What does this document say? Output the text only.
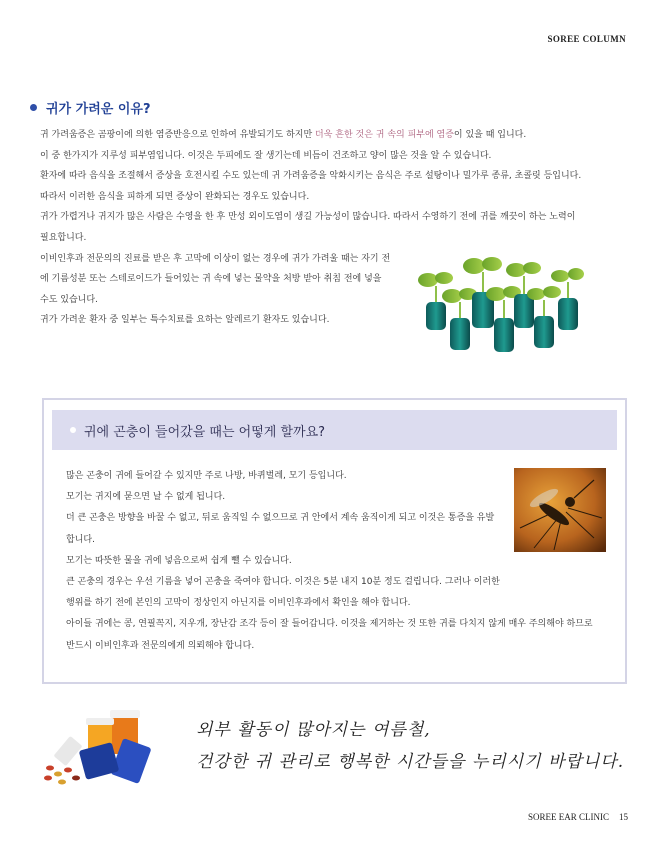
SOREE COLUMN
귀가 가려운 이유?

귀 가려움증은 곰팡이에 의한 염증반응으로 인하여 유발되기도 하지만 더욱 흔한 것은 귀 속의 피부에 염증이 있을 때 입니다.

이 중 한가지가 지루성 피부염입니다. 이것은 두피에도 잘 생기는데 비듬이 건조하고 양이 많은 것을 알 수 있습니다.

환자에 따라 음식을 조절해서 증상을 호전시킬 수도 있는데 귀 가려움증을 악화시키는 음식은 주로 설탕이나 밀가루 종류, 초콜릿 등입니다.

따라서 이러한 음식을 피하게 되면 증상이 완화되는 경우도 있습니다.

귀가 가렵거나 귀지가 많은 사람은 수영을 한 후 만성 외이도염이 생길 가능성이 많습니다. 따라서 수영하기 전에 귀를 깨끗이 하는 노력이

필요합니다.

이비인후과 전문의의 진료를 받은 후 고막에 이상이 없는 경우에 귀가 가려울 때는 자기 전

에 기름성분 또는 스테로이드가 들어있는 귀 속에 넣는 물약을 처방 받아 취침 전에 넣을

수도 있습니다.

귀가 가려운 환자 중 일부는 특수치료를 요하는 알레르기 환자도 있습니다.

귀에 곤충이 들어갔을 때는 어떻게 할까요?

많은 곤충이 귀에 들어갈 수 있지만 주로 나방, 바퀴벌레, 모기 등입니다.

모기는 귀지에 묻으면 날 수 없게 됩니다.

더 큰 곤충은 방향을 바꿀 수 없고, 뒤로 움직일 수 없으므로 귀 안에서 계속 움직이게 되고 이것은 통증을 유발

합니다.

모기는 따뜻한 물을 귀에 넣음으로써 쉽게 뺄 수 있습니다.

큰 곤충의 경우는 우선 기름을 넣어 곤충을 죽여야 합니다. 이것은 5분 내지 10분 정도 걸립니다. 그러나 이러한

행위를 하기 전에 본인의 고막이 정상인지 아닌지를 이비인후과에서 확인을 해야 합니다.

아이들 귀에는 콩, 연필꼭지, 지우개, 장난감 조각 등이 잘 들어갑니다. 이것을 제거하는 것 또한 귀를 다치지 않게 매우 주의해야 하므로

반드시 이비인후과 전문의에게 의뢰해야 합니다.

외부 활동이 많아지는 여름철,

건강한 귀 관리로 행복한 시간들을 누리시기 바랍니다.

SOREE EAR CLINIC 15
